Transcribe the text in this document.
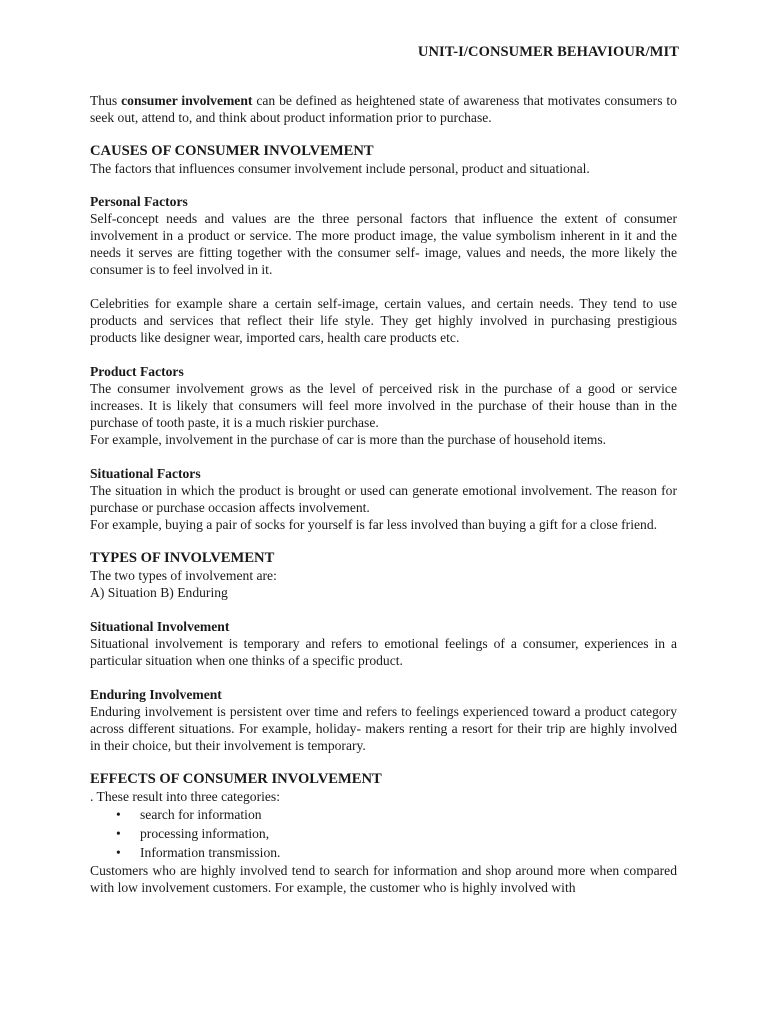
UNIT-I/CONSUMER BEHAVIOUR/MIT

Thus consumer involvement can be defined as heightened state of awareness that motivates consumers to seek out, attend to, and think about product information prior to purchase.

CAUSES OF CONSUMER INVOLVEMENT

The factors that influences consumer involvement include personal, product and situational.

Personal Factors

Self-concept needs and values are the three personal factors that influence the extent of consumer involvement in a product or service. The more product image, the value symbolism inherent in it and the needs it serves are fitting together with the consumer self- image, values and needs, the more likely the consumer is to feel involved in it.

Celebrities for example share a certain self-image, certain values, and certain needs. They tend to use products and services that reflect their life style. They get highly involved in purchasing prestigious products like designer wear, imported cars, health care products etc.

Product Factors

The consumer involvement grows as the level of perceived risk in the purchase of a good or service increases. It is likely that consumers will feel more involved in the purchase of their house than in the purchase of tooth paste, it is a much riskier purchase.

For example, involvement in the purchase of car is more than the purchase of household items.

Situational Factors

The situation in which the product is brought or used can generate emotional involvement. The reason for purchase or purchase occasion affects involvement.

For example, buying a pair of socks for yourself is far less involved than buying a gift for a close friend.

TYPES OF INVOLVEMENT

The two types of involvement are:

A) Situation B) Enduring

Situational Involvement

Situational involvement is temporary and refers to emotional feelings of a consumer, experiences in a particular situation when one thinks of a specific product.

Enduring Involvement

Enduring involvement is persistent over time and refers to feelings experienced toward a product category across different situations. For example, holiday- makers renting a resort for their trip are highly involved in their choice, but their involvement is temporary.

EFFECTS OF CONSUMER INVOLVEMENT

. These result into three categories:

• search for information
• processing information,
• Information transmission.

Customers who are highly involved tend to search for information and shop around more when compared with low involvement customers. For example, the customer who is highly involved with
